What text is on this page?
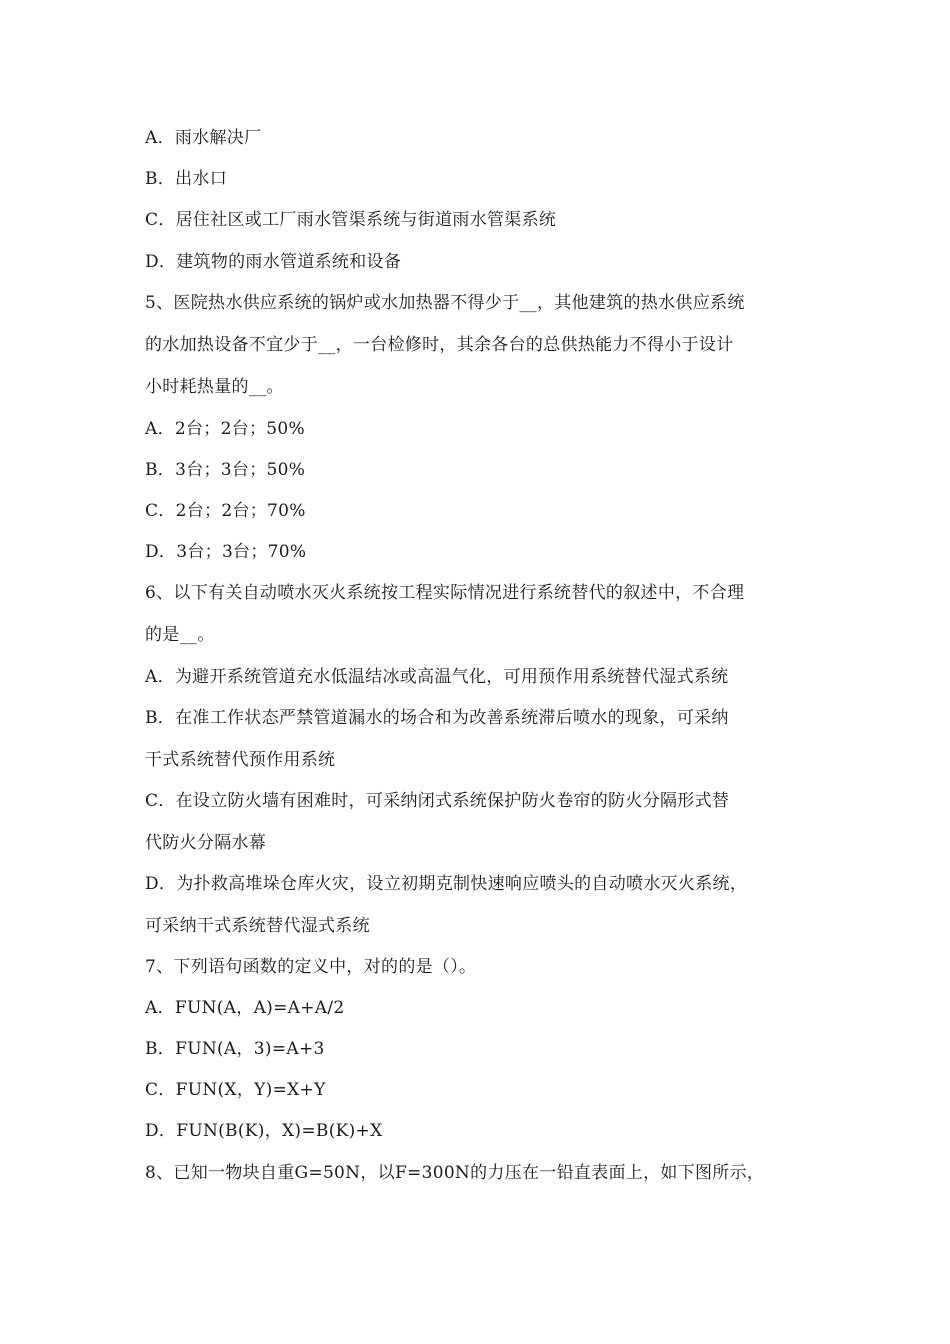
A．雨水解决厂
B．出水口
C．居住社区或工厂雨水管渠系统与街道雨水管渠系统
D．建筑物的雨水管道系统和设备
5、医院热水供应系统的锅炉或水加热器不得少于__，其他建筑的热水供应系统
的水加热设备不宜少于__，一台检修时，其余各台的总供热能力不得小于设计
小时耗热量的__。
A．2台；2台；50%
B．3台；3台；50%
C．2台；2台；70%
D．3台；3台；70%
6、以下有关自动喷水灭火系统按工程实际情况进行系统替代的叙述中，不合理
的是__。
A．为避开系统管道充水低温结冰或高温气化，可用预作用系统替代湿式系统
B．在准工作状态严禁管道漏水的场合和为改善系统滞后喷水的现象，可采纳
干式系统替代预作用系统
C．在设立防火墙有困难时，可采纳闭式系统保护防火卷帘的防火分隔形式替
代防火分隔水幕
D．为扑救高堆垛仓库火灾，设立初期克制快速响应喷头的自动喷水灭火系统，
可采纳干式系统替代湿式系统
7、下列语句函数的定义中，对的的是（）。
A．FUN(A，A)=A+A/2
B．FUN(A，3)=A+3
C．FUN(X，Y)=X+Y
D．FUN(B(K)，X)=B(K)+X
8、已知一物块自重G=50N，以F=300N的力压在一铅直表面上，如下图所示，
